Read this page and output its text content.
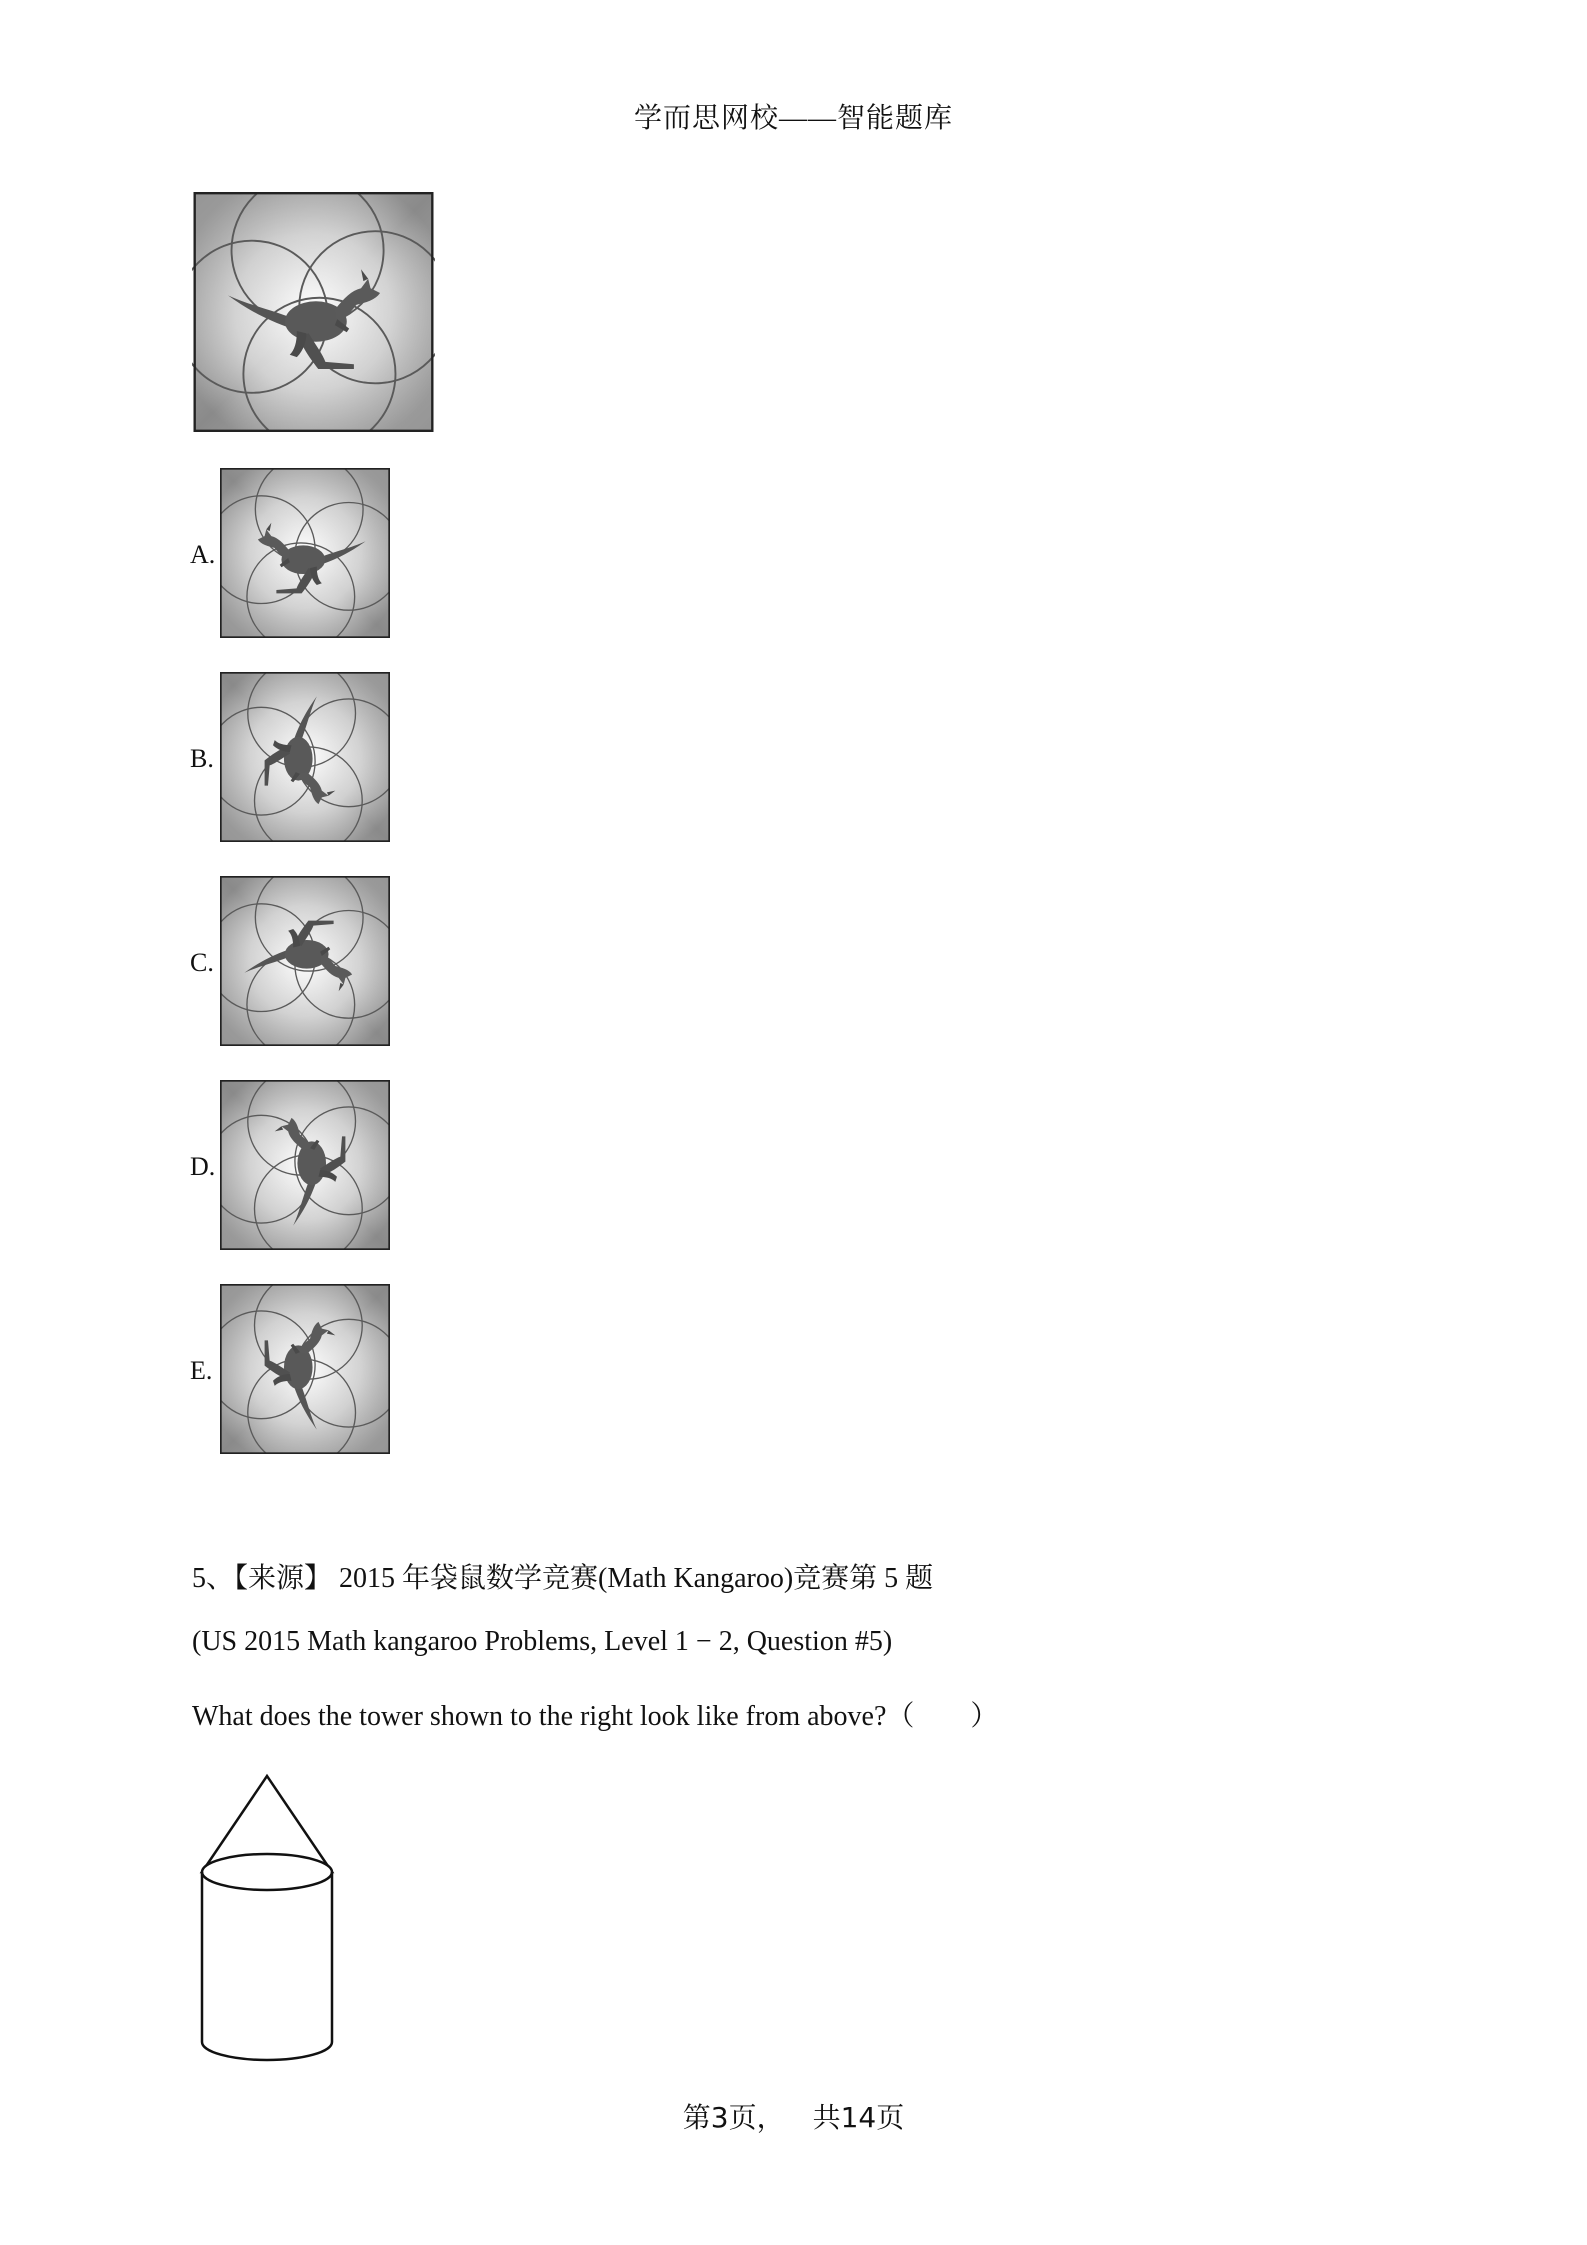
学而思网校——智能题库
A.
B.
C.
D.
E.
5、【来源】 2015 年袋鼠数学竞赛(Math Kangaroo)竞赛第 5 题
(US 2015 Math kangaroo Problems, Level 1 − 2, Question #5)
What does the tower shown to the right look like from above?（　　）
第3页， 共14页
